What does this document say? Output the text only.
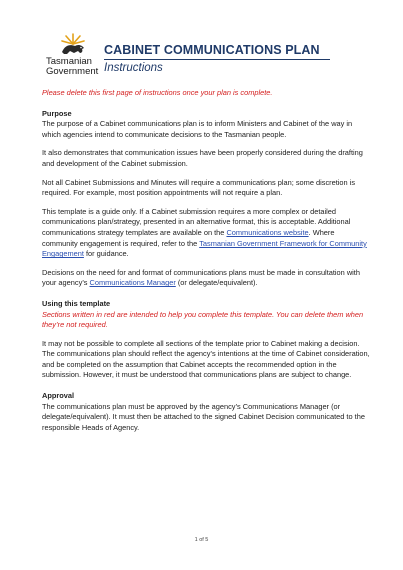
Tasmanian
Government
CABINET COMMUNICATIONS PLAN
Instructions

Please delete this first page of instructions once your plan is complete.

Purpose

The purpose of a Cabinet communications plan is to inform Ministers and Cabinet of the way in which agencies intend to communicate decisions to the Tasmanian people.

It also demonstrates that communication issues have been properly considered during the drafting and development of the Cabinet submission.

Not all Cabinet Submissions and Minutes will require a communications plan; some discretion is required. For example, most position appointments will not require a plan.

This template is a guide only. If a Cabinet submission requires a more complex or detailed communications plan/strategy, presented in an alternative format, this is acceptable. Additional communications strategy templates are available on the Communications website. Where community engagement is required, refer to the Tasmanian Government Framework for Community Engagement for guidance.

Decisions on the need for and format of communications plans must be made in consultation with your agency’s Communications Manager (or delegate/equivalent).

Using this template

Sections written in red are intended to help you complete this template. You can delete them when they’re not required.

It may not be possible to complete all sections of the template prior to Cabinet making a decision. The communications plan should reflect the agency’s intentions at the time of Cabinet consideration, and be completed on the assumption that Cabinet accepts the recommended option in the submission. However, it must be understood that communications plans are subject to change.

Approval

The communications plan must be approved by the agency’s Communications Manager (or delegate/equivalent). It must then be attached to the signed Cabinet Decision communicated to the responsible Heads of Agency.

1 of 5
